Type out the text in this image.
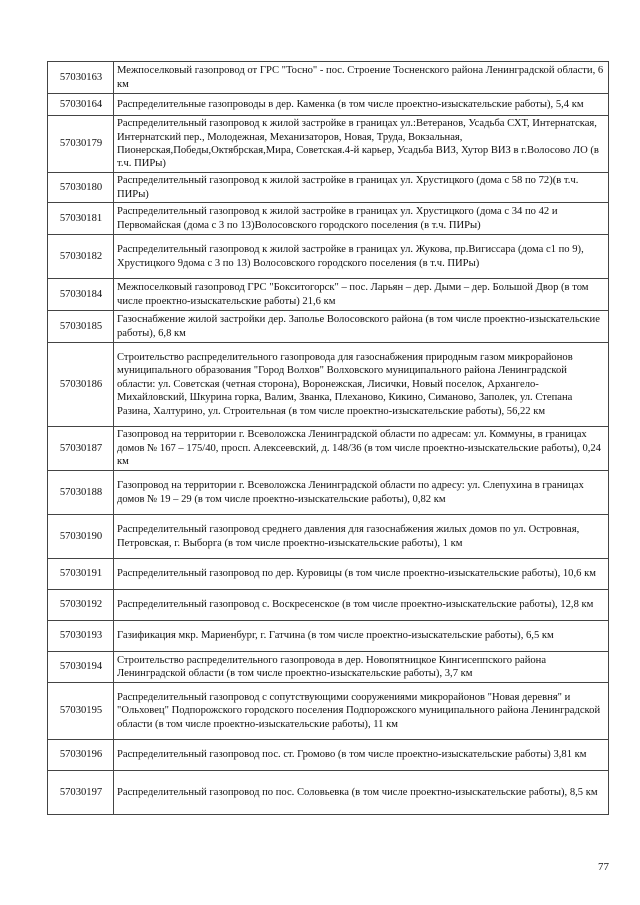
57030163	Межпоселковый газопровод от ГРС "Тосно" - пос. Строение Тосненского района Ленинградской области, 6 км
57030164	Распределительные газопроводы в дер. Каменка (в том числе проектно-изыскательские работы), 5,4 км
57030179	Распределительный газопровод к жилой застройке в границах ул.:Ветеранов, Усадьба СХТ, Интернатская, Интернатский пер., Молодежная, Механизаторов, Новая, Труда, Вокзальная, Пионерская,Победы,Октябрская,Мира, Советская.4-й карьер, Усадьба ВИЗ, Хутор ВИЗ в г.Волосово ЛО (в т.ч. ПИРы)
57030180	Распределительный газопровод к жилой застройке в границах ул. Хрустицкого (дома с 58 по 72)(в т.ч. ПИРы)
57030181	Распределительный газопровод к жилой застройке в границах ул. Хрустицкого (дома с 34 по 42 и Первомайская (дома с 3 по 13)Волосовского городского поселения (в т.ч. ПИРы)
57030182	Распределительный газопровод к жилой застройке в границах ул. Жукова, пр.Вигиссара (дома с1 по 9), Хрустицкого 9дома с 3 по 13) Волосовского городского поселения (в т.ч. ПИРы)
57030184	Межпоселковый газопровод ГРС "Бокситогорск" – пос. Ларьян – дер. Дыми – дер. Большой Двор (в том числе проектно-изыскательские работы) 21,6 км
57030185	Газоснабжение жилой застройки дер. Заполье Волосовского района (в том числе проектно-изыскательские работы), 6,8 км
57030186	Строительство распределительного газопровода для газоснабжения природным газом микрорайонов муниципального образования "Город Волхов" Волховского муниципального района Ленинградской области: ул. Советская (четная сторона), Воронежская, Лисички, Новый поселок, Архангело-Михайловский, Шкурина горка, Валим, Званка, Плеханово, Кикино, Симаново, Заполек, ул. Степана Разина, Халтурино, ул. Строительная (в том числе проектно-изыскательские работы), 56,22 км
57030187	Газопровод на территории г. Всеволожска Ленинградской области по адресам: ул. Коммуны, в границах домов № 167 – 175/40, просп. Алексеевский, д. 148/36 (в том числе проектно-изыскательские работы), 0,24 км
57030188	Газопровод на территории г. Всеволожска Ленинградской области по адресу: ул. Слепухина в границах домов № 19 – 29 (в том числе проектно-изыскательские работы), 0,82 км
57030190	Распределительный газопровод среднего давления для газоснабжения жилых домов по ул. Островная, Петровская, г. Выборга (в том числе проектно-изыскательские работы), 1 км
57030191	Распределительный газопровод по дер. Куровицы (в том числе проектно-изыскательские работы), 10,6 км
57030192	Распределительный газопровод с. Воскресенское (в том числе проектно-изыскательские работы), 12,8 км
57030193	Газификация мкр. Мариенбург, г. Гатчина (в том числе проектно-изыскательские работы), 6,5 км
57030194	Строительство распределительного газопровода в дер. Новопятницкое Кингисеппского района Ленинградской области (в том числе проектно-изыскательские работы), 3,7 км
57030195	Распределительный газопровод с сопутствующими сооружениями микрорайонов "Новая деревня" и "Ольховец" Подпорожского городского поселения Подпорожского муниципального района Ленинградской области (в том числе проектно-изыскательские работы), 11 км
57030196	Распределительный газопровод пос. ст. Громово (в том числе проектно-изыскательские работы) 3,81 км
57030197	Распределительный газопровод по пос. Соловьевка (в том числе проектно-изыскательские работы), 8,5 км
77
